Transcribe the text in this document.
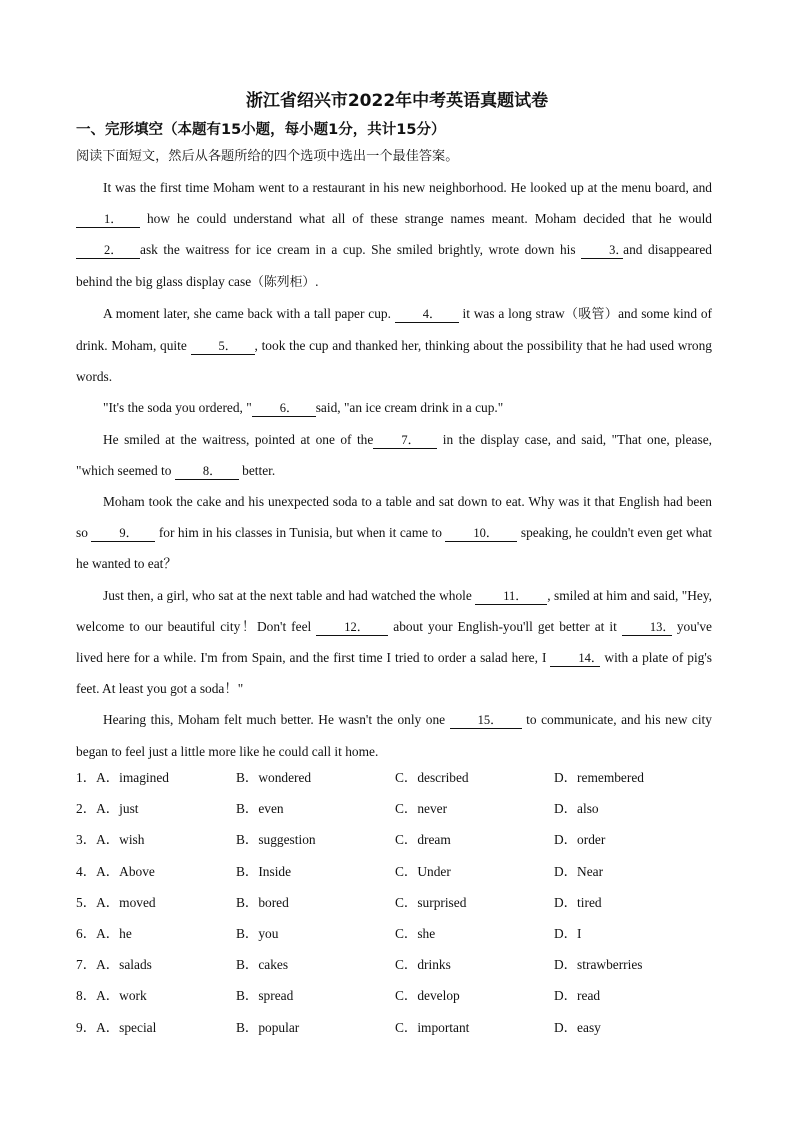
浙江省绍兴市2022年中考英语真题试卷
一、完形填空（本题有15小题，每小题1分，共计15分）
阅读下面短文，然后从各题所给的四个选项中选出一个最佳答案。

It was the first time Moham went to a restaurant in his new neighborhood. He looked up at the menu board, and 1． how he could understand what all of these strange names meant. Moham decided that he would 2． ask the waitress for ice cream in a cup. She smiled brightly, wrote down his 3．and disappeared behind the big glass display case（陈列柜）.

A moment later, she came back with a tall paper cup. 4． it was a long straw（吸管）and some kind of drink. Moham, quite 5． , took the cup and thanked her, thinking about the possibility that he had used wrong words.

"It's the soda you ordered, " 6． said, "an ice cream drink in a cup."

He smiled at the waitress, pointed at one of the 7． in the display case, and said, "That one, please, "which seemed to 8． better.

Moham took the cake and his unexpected soda to a table and sat down to eat. Why was it that English had been so 9． for him in his classes in Tunisia, but when it came to 10． speaking, he couldn't even get what he wanted to eat？

Just then, a girl, who sat at the next table and had watched the whole 11． , smiled at him and said, "Hey, welcome to our beautiful city！Don't feel 12． about your English-you'll get better at it 13． you've lived here for a while. I'm from Spain, and the first time I tried to order a salad here, I 14． with a plate of pig's feet. At least you got a soda！"

Hearing this, Moham felt much better. He wasn't the only one 15． to communicate, and his new city began to feel just a little more like he could call it home.

1．A．imagined	B．wondered	C．described	D．remembered
2．A．just	B．even	C．never	D．also
3．A．wish	B．suggestion	C．dream	D．order
4．A．Above	B．Inside	C．Under	D．Near
5．A．moved	B．bored	C．surprised	D．tired
6．A．he	B．you	C．she	D．I
7．A．salads	B．cakes	C．drinks	D．strawberries
8．A．work	B．spread	C．develop	D．read
9．A．special	B．popular	C．important	D．easy
